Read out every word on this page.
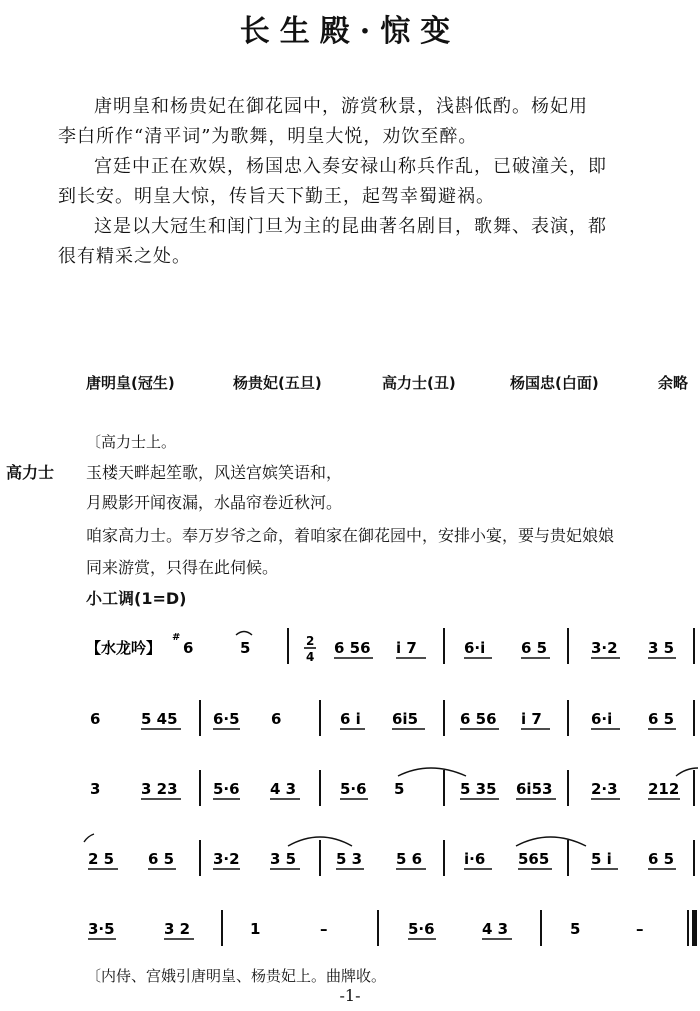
长生殿·惊变

唐明皇和杨贵妃在御花园中，游赏秋景，浅斟低酌。杨妃用

李白所作“清平词”为歌舞，明皇大悦，劝饮至醉。

宫廷中正在欢娱，杨国忠入奏安禄山称兵作乱，已破潼关，即

到长安。明皇大惊，传旨天下勤王，起驾幸蜀避祸。

这是以大冠生和闺门旦为主的昆曲著名剧目，歌舞、表演，都

很有精采之处。

唐明皇(冠生)	杨贵妃(五旦)	高力士(丑)	杨国忠(白面)	余略
〔高力士上。
高力士 玉楼天畔起笙歌，风送宫嫔笑语和，
月殿影开闻夜漏，水晶帘卷近秋河。
咱家高力士。奉万岁爷之命，着咱家在御花园中，安排小宴，要与贵妃娘娘
同来游赏，只得在此伺候。
小工调(1=D)
【水龙吟】 6	5
#	2
4 6 56 i 7	6·i 6 5	3·2 3 5
6	5 45 6·5 6	6 i 6i5	6 56 i 7	6·i 6 5
3	3 23 5·6 4 3	5·6 5	5 35 6i53	2·3 212
2 5 6 5	3·2 3 5	5 3 5 6	i·6 565	5 i 6 5
3·5	3 2	1	–	5·6	4 3	5	–
〔内侍、宫娥引唐明皇、杨贵妃上。曲牌收。
-1-
